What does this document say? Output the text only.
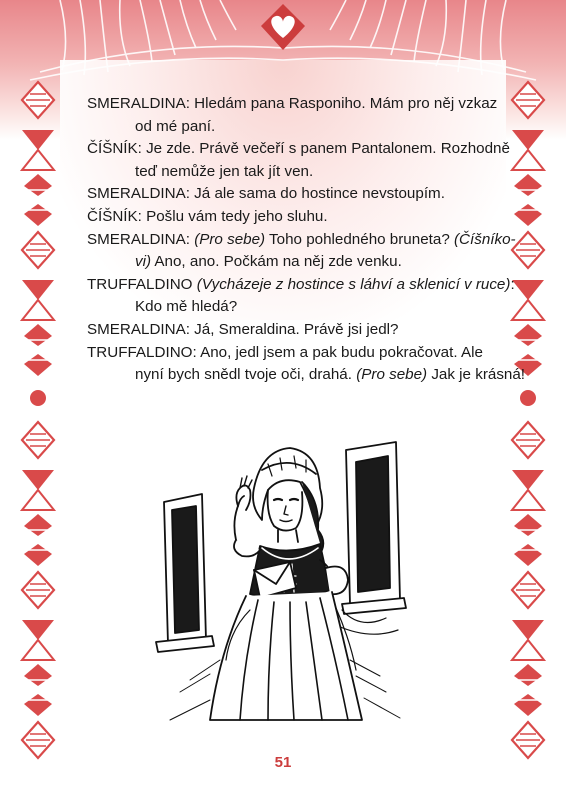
SMERALDINA: Hledám pana Rasponiho. Mám pro něj vzkaz
od mé paní.
ČÍŠNÍK: Je zde. Právě večeří s panem Pantalonem. Rozhodně
teď nemůže jen tak jít ven.
SMERALDINA: Já ale sama do hostince nevstoupím.
ČÍŠNÍK: Pošlu vám tedy jeho sluhu.
SMERALDINA: (Pro sebe) Toho pohledného bruneta? (Číšníko-
vi) Ano, ano. Počkám na něj zde venku.
TRUFFALDINO (Vycházeje z hostince s láhví a sklenicí v ruce):
Kdo mě hledá?
SMERALDINA: Já, Smeraldina. Právě jsi jedl?
TRUFFALDINO: Ano, jedl jsem a pak budu pokračovat. Ale
nyní bych snědl tvoje oči, drahá. (Pro sebe) Jak je krásná!
51
